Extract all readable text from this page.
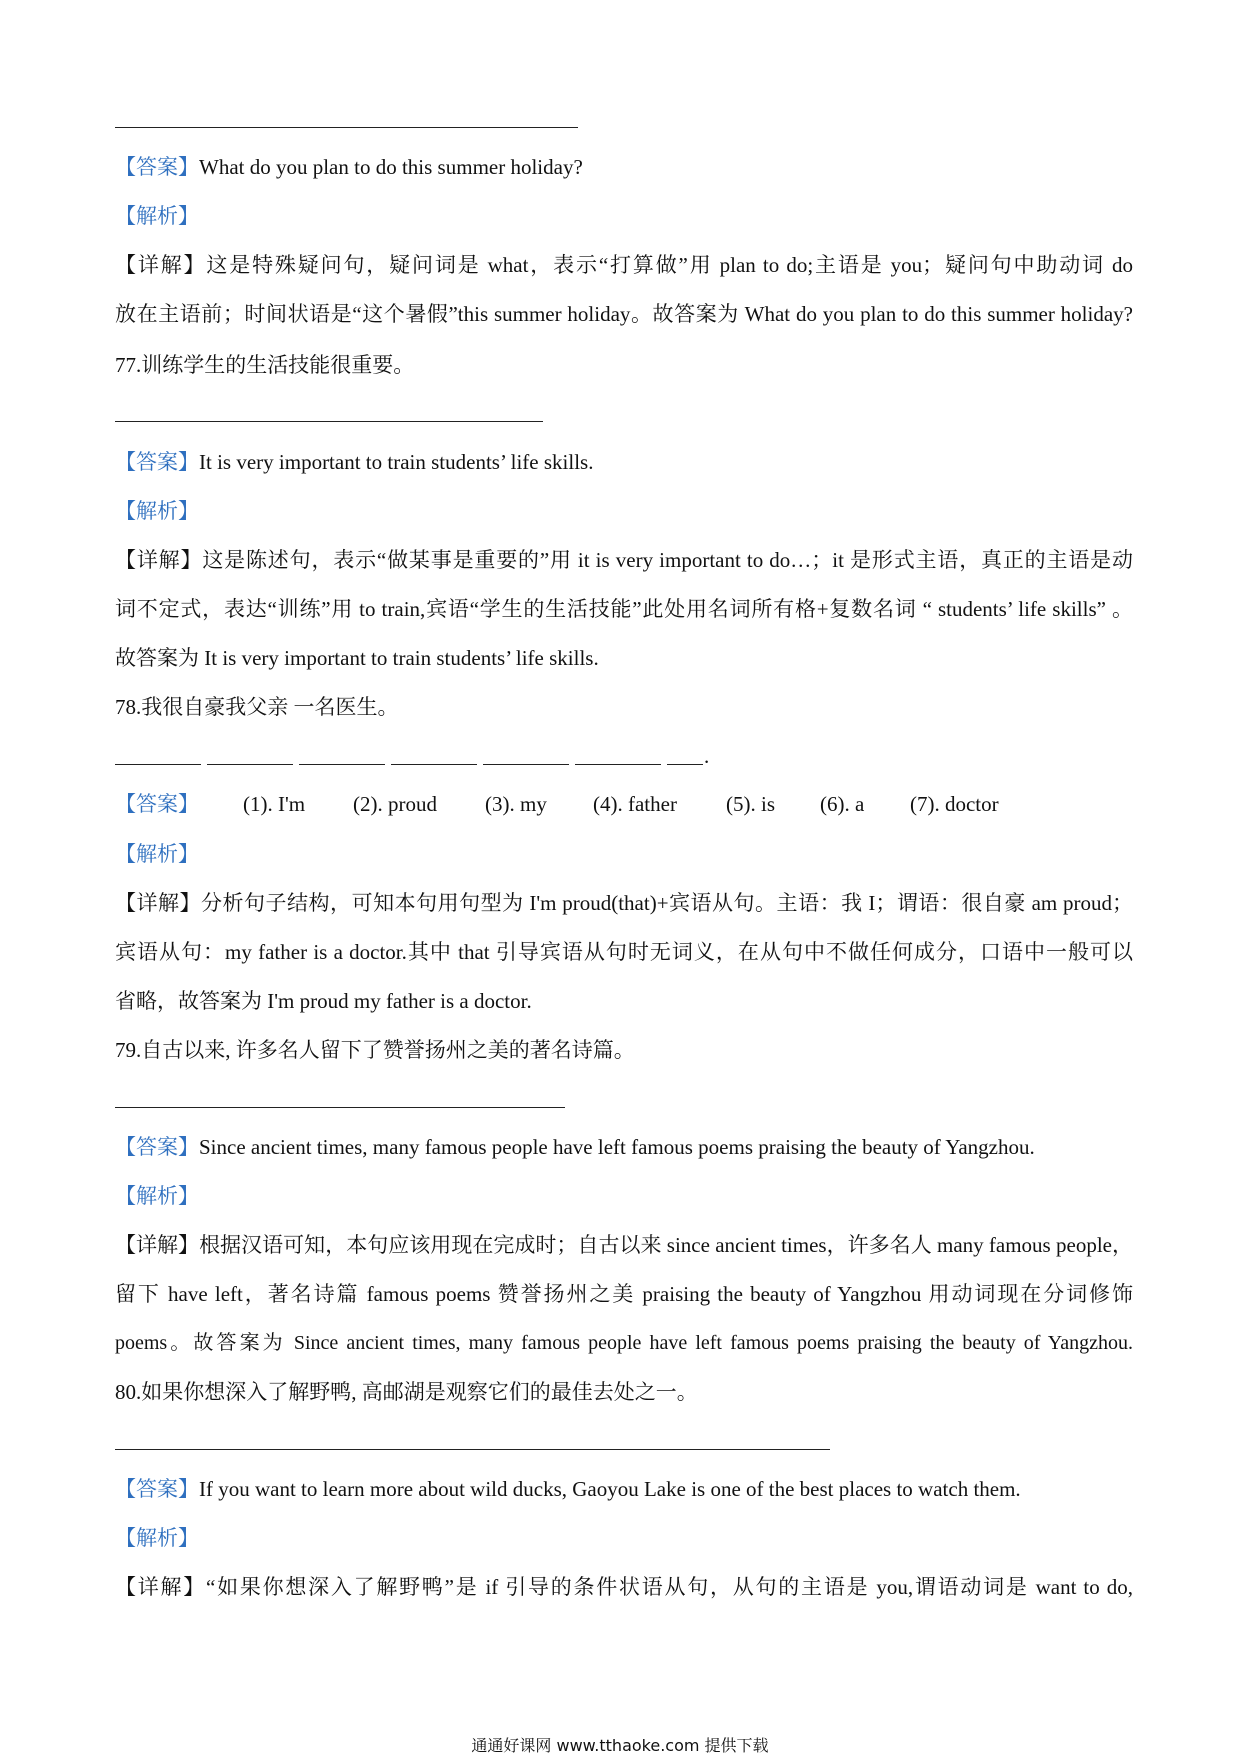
【答案】What do you plan to do this summer holiday?
【解析】
【详解】这是特殊疑问句，疑问词是 what，表示“打算做”用 plan to do;主语是 you；疑问句中助动词 do
放在主语前；时间状语是“这个暑假”this summer holiday。故答案为 What do you plan to do this summer holiday?
77.训练学生的生活技能很重要。
【答案】It is very important to train students’ life skills.
【解析】
【详解】这是陈述句，表示“做某事是重要的”用 it is very important to do…；it 是形式主语，真正的主语是动
词不定式，表达“训练”用 to train,宾语“学生的生活技能”此处用名词所有格+复数名词 “ students’ life skills” 。
故答案为 It is very important to train students’ life skills.
78.我很自豪我父亲 一名医生。
.
【答案】 (1). I'm (2). proud (3). my (4). father (5). is (6). a (7). doctor
【解析】
【详解】分析句子结构，可知本句用句型为 I'm proud(that)+宾语从句。主语：我 I；谓语：很自豪 am proud；
宾语从句：my father is a doctor.其中 that 引导宾语从句时无词义，在从句中不做任何成分，口语中一般可以
省略，故答案为 I'm proud my father is a doctor.
79.自古以来, 许多名人留下了赞誉扬州之美的著名诗篇。
【答案】Since ancient times, many famous people have left famous poems praising the beauty of Yangzhou.
【解析】
【详解】根据汉语可知，本句应该用现在完成时；自古以来 since ancient times，许多名人 many famous people，
留下 have left，著名诗篇 famous poems 赞誉扬州之美 praising the beauty of Yangzhou 用动词现在分词修饰
poems。故答案为 Since ancient times, many famous people have left famous poems praising the beauty of Yangzhou.
80.如果你想深入了解野鸭, 高邮湖是观察它们的最佳去处之一。
【答案】If you want to learn more about wild ducks, Gaoyou Lake is one of the best places to watch them.
【解析】
【详解】“如果你想深入了解野鸭”是 if 引导的条件状语从句，从句的主语是 you,谓语动词是 want to do,
通通好课网 www.tthaoke.com 提供下载
